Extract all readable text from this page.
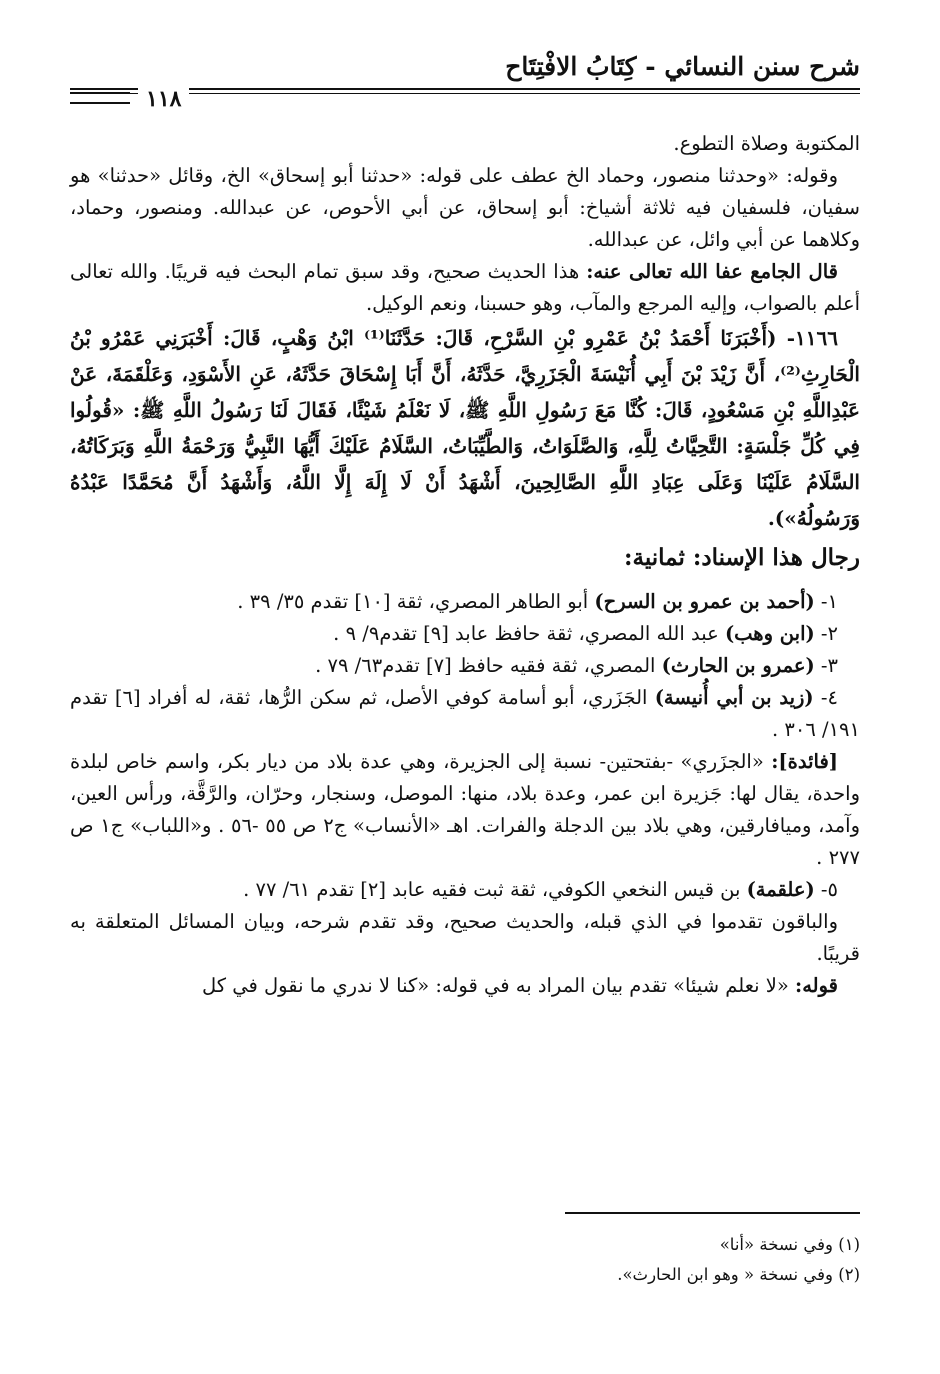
شرح سنن النسائي - كِتَابُ الافْتِتَاح
١١٨

المكتوبة وصلاة التطوع.

وقوله: «وحدثنا منصور، وحماد الخ عطف على قوله: «حدثنا أبو إسحاق» الخ، وقائل «حدثنا» هو سفيان، فلسفيان فيه ثلاثة أشياخ: أبو إسحاق، عن أبي الأحوص، عن عبدالله. ومنصور، وحماد، وكلاهما عن أبي وائل، عن عبدالله.

قال الجامع عفا الله تعالى عنه: هذا الحديث صحيح، وقد سبق تمام البحث فيه قريبًا. والله تعالى أعلم بالصواب، وإليه المرجع والمآب، وهو حسبنا، ونعم الوكيل.

١١٦٦- (أَخْبَرَنَا أَحْمَدُ بْنُ عَمْرِو بْنِ السَّرْحِ، قَالَ: حَدَّثَنَا⁽¹⁾ ابْنُ وَهْبٍ، قَالَ: أَخْبَرَنِي عَمْرُو بْنُ الْحَارِثِ⁽²⁾، أَنَّ زَيْدَ بْنَ أَبِي أُنَيْسَةَ الْجَزَرِيَّ، حَدَّثَهُ، أَنَّ أَبَا إِسْحَاقَ حَدَّثَهُ، عَنِ الأَسْوَدِ، وَعَلْقَمَةَ، عَنْ عَبْدِاللَّهِ بْنِ مَسْعُودٍ، قَالَ: كُنَّا مَعَ رَسُولِ اللَّهِ ﷺ، لَا نَعْلَمُ شَيْئًا، فَقَالَ لَنَا رَسُولُ اللَّهِ ﷺ: «قُولُوا فِي كُلِّ جَلْسَةٍ: التَّحِيَّاتُ لِلَّهِ، وَالصَّلَوَاتُ، وَالطَّيِّبَاتُ، السَّلَامُ عَلَيْكَ أَيُّهَا النَّبِيُّ وَرَحْمَةُ اللَّهِ وَبَرَكَاتُهُ، السَّلَامُ عَلَيْنَا وَعَلَى عِبَادِ اللَّهِ الصَّالِحِينَ، أَشْهَدُ أَنْ لَا إِلَهَ إِلَّا اللَّهُ، وَأَشْهَدُ أَنَّ مُحَمَّدًا عَبْدُهُ وَرَسُولُهُ»).

رجال هذا الإسناد: ثمانية:

١- (أحمد بن عمرو بن السرح) أبو الطاهر المصري، ثقة [١٠] تقدم ٣٥/ ٣٩ .

٢- (ابن وهب) عبد الله المصري، ثقة حافظ عابد [٩] تقدم٩/ ٩ .

٣- (عمرو بن الحارث) المصري، ثقة فقيه حافظ [٧] تقدم٦٣/ ٧٩ .

٤- (زيد بن أبي أُنيسة) الجَزَري، أبو أسامة كوفي الأصل، ثم سكن الرُّها، ثقة، له أفراد [٦] تقدم ١٩١/ ٣٠٦ .

[فائدة]: «الجزَري» -بفتحتين- نسبة إلى الجزيرة، وهي عدة بلاد من ديار بكر، واسم خاص لبلدة واحدة، يقال لها: جَزيرة ابن عمر، وعدة بلاد، منها: الموصل، وسنجار، وحرّان، والرَّقَّة، ورأس العين، وآمد، وميافارقين، وهي بلاد بين الدجلة والفرات. اهـ «الأنساب» ج٢ ص ٥٥ -٥٦ . و«اللباب» ج١ ص ٢٧٧ .

٥- (علقمة) بن قيس النخعي الكوفي، ثقة ثبت فقيه عابد [٢] تقدم ٦١/ ٧٧ .

والباقون تقدموا في الذي قبله، والحديث صحيح، وقد تقدم شرحه، وبيان المسائل المتعلقة به قريبًا.

قوله: «لا نعلم شيئا» تقدم بيان المراد به في قوله: «كنا لا ندري ما نقول في كل

(١) وفي نسخة «أنا»

(٢) وفي نسخة « وهو ابن الحارث».
